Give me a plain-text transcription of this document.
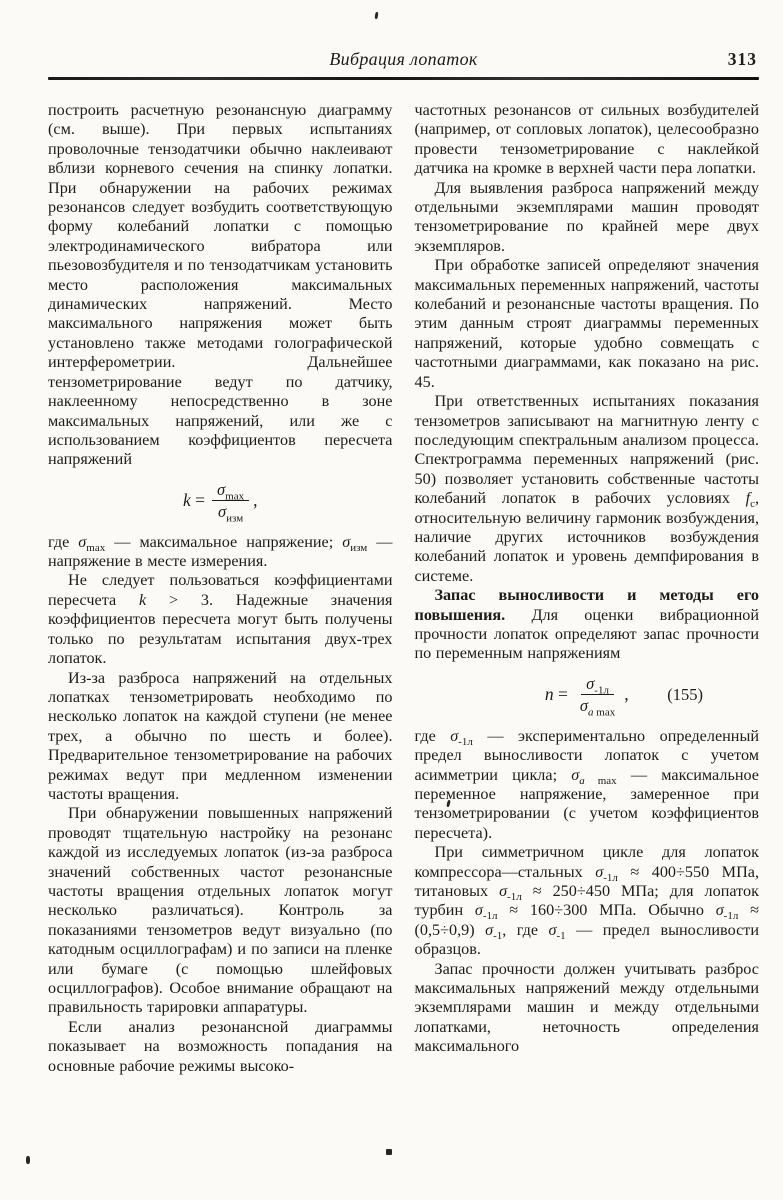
Вибрация лопаток	313

построить расчетную резонансную диаграмму (см. выше). При первых испытаниях проволочные тензодатчики обычно наклеивают вблизи корневого сечения на спинку лопатки. При обнаружении на рабочих режимах резонансов следует возбудить соответствующую форму колебаний лопатки с помощью электродинамического вибратора или пьезовозбудителя и по тензодатчикам установить место расположения максимальных динамических напряжений. Место максимального напряжения может быть установлено также методами голографической интерферометрии. Дальнейшее тензометрирование ведут по датчику, наклеенному непосредственно в зоне максимальных напряжений, или же с использованием коэффициентов пересчета напряжений

$k = \frac{\sigma_{max}}{\sigma_{изм}}$ ,

где $\sigma_{max}$ — максимальное напряжение; $\sigma_{изм}$ — напряжение в месте измерения.

Не следует пользоваться коэффициентами пересчета k > 3. Надежные значения коэффициентов пересчета могут быть получены только по результатам испытания двух-трех лопаток.

Из-за разброса напряжений на отдельных лопатках тензометрировать необходимо по несколько лопаток на каждой ступени (не менее трех, а обычно по шесть и более). Предварительное тензометрирование на рабочих режимах ведут при медленном изменении частоты вращения.

При обнаружении повышенных напряжений проводят тщательную настройку на резонанс каждой из исследуемых лопаток (из-за разброса значений собственных частот резонансные частоты вращения отдельных лопаток могут несколько различаться). Контроль за показаниями тензометров ведут визуально (по катодным осциллографам) и по записи на пленке или бумаге (с помощью шлейфовых осциллографов). Особое внимание обращают на правильность тарировки аппаратуры.

Если анализ резонансной диаграммы показывает на возможность попадания на основные рабочие режимы высоко-

частотных резонансов от сильных возбудителей (например, от сопловых лопаток), целесообразно провести тензометрирование с наклейкой датчика на кромке в верхней части пера лопатки.

Для выявления разброса напряжений между отдельными экземплярами машин проводят тензометрирование по крайней мере двух экземпляров.

При обработке записей определяют значения максимальных переменных напряжений, частоты колебаний и резонансные частоты вращения. По этим данным строят диаграммы переменных напряжений, которые удобно совмещать с частотными диаграммами, как показано на рис. 45.

При ответственных испытаниях показания тензометров записывают на магнитную ленту с последующим спектральным анализом процесса. Спектрограмма переменных напряжений (рис. 50) позволяет установить собственные частоты колебаний лопаток в рабочих условиях $f_c$, относительную величину гармоник возбуждения, наличие других источников возбуждения колебаний лопаток и уровень демпфирования в системе.

Запас выносливости и методы его повышения. Для оценки вибрационной прочности лопаток определяют запас прочности по переменным напряжениям

$n = \frac{\sigma_{-1л}}{\sigma_a _{max}}$ , (155)

где $\sigma_{-1л}$ — экспериментально определенный предел выносливости лопаток с учетом асимметрии цикла; $\sigma_a$ $_{max}$ — максимальное переменное напряжение, замеренное при тензометрировании (с учетом коэффициентов пересчета).

При симметричном цикле для лопаток компрессора—стальных $\sigma_{-1л} \approx 400\div 550$ МПа, титановых $\sigma_{-1л} \approx 250\div 450$ МПа; для лопаток турбин $\sigma_{-1л} \approx 160\div 300$ МПа. Обычно $\sigma_{-1л} \approx (0,5\div 0,9)$ $\sigma_{-1}$, где $\sigma_{-1}$ — предел выносливости образцов.

Запас прочности должен учитывать разброс максимальных напряжений между отдельными экземплярами машин и между отдельными лопатками, неточность определения максимального
